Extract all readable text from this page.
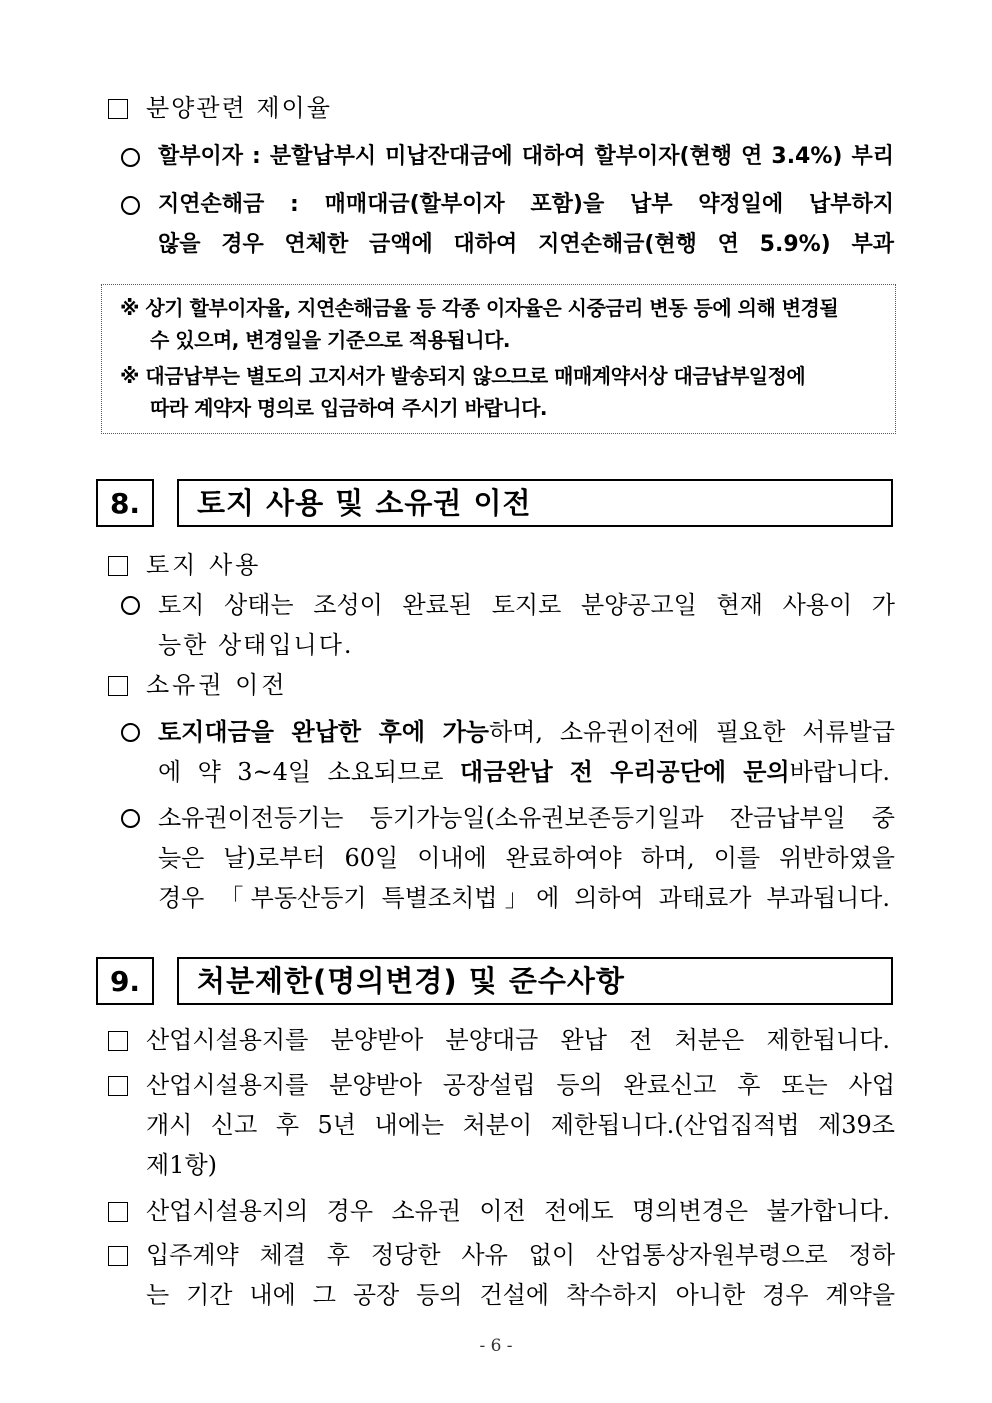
분양관련 제이율
할부이자 : 분할납부시 미납잔대금에 대하여 할부이자(현행 연 3.4%) 부리
지연손해금 : 매매대금(할부이자 포함)을 납부 약정일에 납부하지
않을 경우 연체한 금액에 대하여 지연손해금(현행 연 5.9%) 부과
※ 상기 할부이자율, 지연손해금율 등 각종 이자율은 시중금리 변동 등에 의해 변경될
수 있으며, 변경일을 기준으로 적용됩니다.
※ 대금납부는 별도의 고지서가 발송되지 않으므로 매매계약서상 대금납부일정에
따라 계약자 명의로 입금하여 주시기 바랍니다.
8.	토지 사용 및 소유권 이전
토지 사용
토지 상태는 조성이 완료된 토지로 분양공고일 현재 사용이 가
능한 상태입니다.
소유권 이전
토지대금을 완납한 후에 가능하며, 소유권이전에 필요한 서류발급
에 약 3~4일 소요되므로 대금완납 전 우리공단에 문의바랍니다.
소유권이전등기는 등기가능일(소유권보존등기일과 잔금납부일 중
늦은 날)로부터 60일 이내에 완료하여야 하며, 이를 위반하였을
경우 「부동산등기 특별조치법」에 의하여 과태료가 부과됩니다.
9.	처분제한(명의변경) 및 준수사항
산업시설용지를 분양받아 분양대금 완납 전 처분은 제한됩니다.
산업시설용지를 분양받아 공장설립 등의 완료신고 후 또는 사업
개시 신고 후 5년 내에는 처분이 제한됩니다.(산업집적법 제39조
제1항)
산업시설용지의 경우 소유권 이전 전에도 명의변경은 불가합니다.
입주계약 체결 후 정당한 사유 없이 산업통상자원부령으로 정하
는 기간 내에 그 공장 등의 건설에 착수하지 아니한 경우 계약을
- 6 -
